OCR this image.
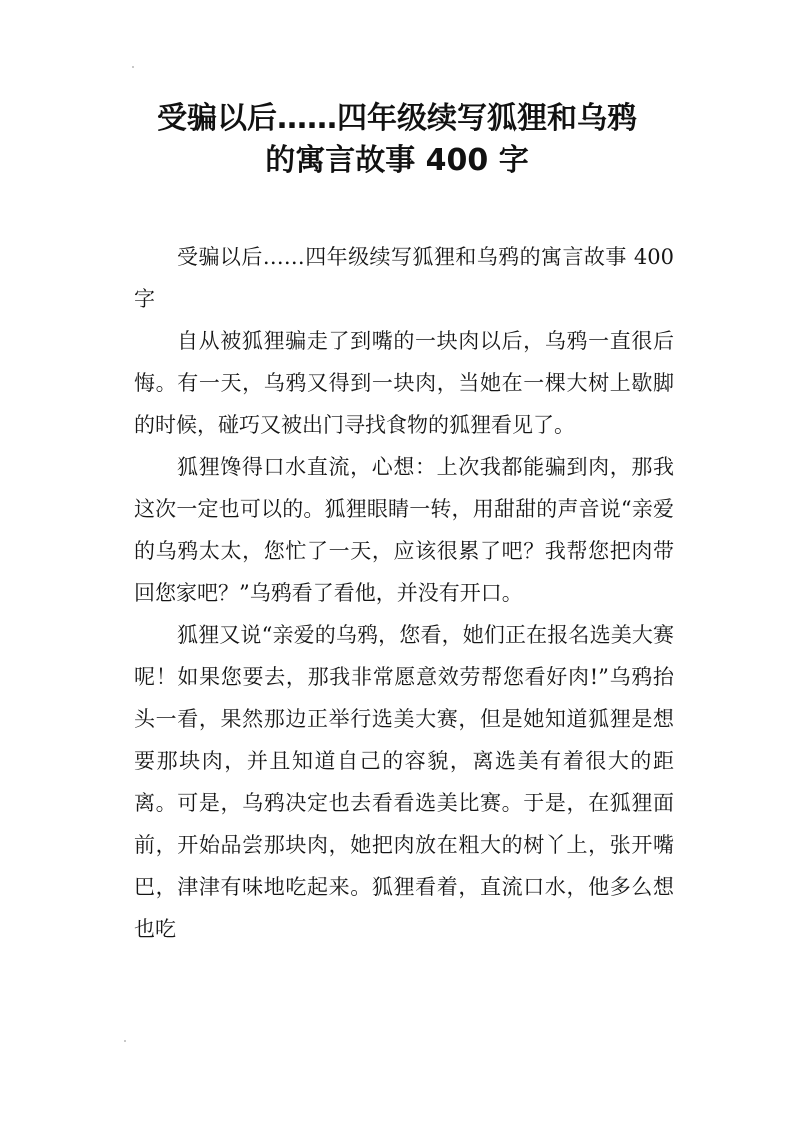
受骗以后……四年级续写狐狸和乌鸦
的寓言故事 400 字

受骗以后……四年级续写狐狸和乌鸦的寓言故事 400 字

自从被狐狸骗走了到嘴的一块肉以后，乌鸦一直很后悔。有一天，乌鸦又得到一块肉，当她在一棵大树上歇脚的时候，碰巧又被出门寻找食物的狐狸看见了。

狐狸馋得口水直流，心想：上次我都能骗到肉，那我这次一定也可以的。狐狸眼睛一转，用甜甜的声音说“亲爱的乌鸦太太，您忙了一天，应该很累了吧？我帮您把肉带回您家吧？”乌鸦看了看他，并没有开口。

狐狸又说“亲爱的乌鸦，您看，她们正在报名选美大赛呢！如果您要去，那我非常愿意效劳帮您看好肉!”乌鸦抬头一看，果然那边正举行选美大赛，但是她知道狐狸是想要那块肉，并且知道自己的容貌，离选美有着很大的距离。可是，乌鸦决定也去看看选美比赛。于是，在狐狸面前，开始品尝那块肉，她把肉放在粗大的树丫上，张开嘴巴，津津有味地吃起来。狐狸看着，直流口水，他多么想也吃
